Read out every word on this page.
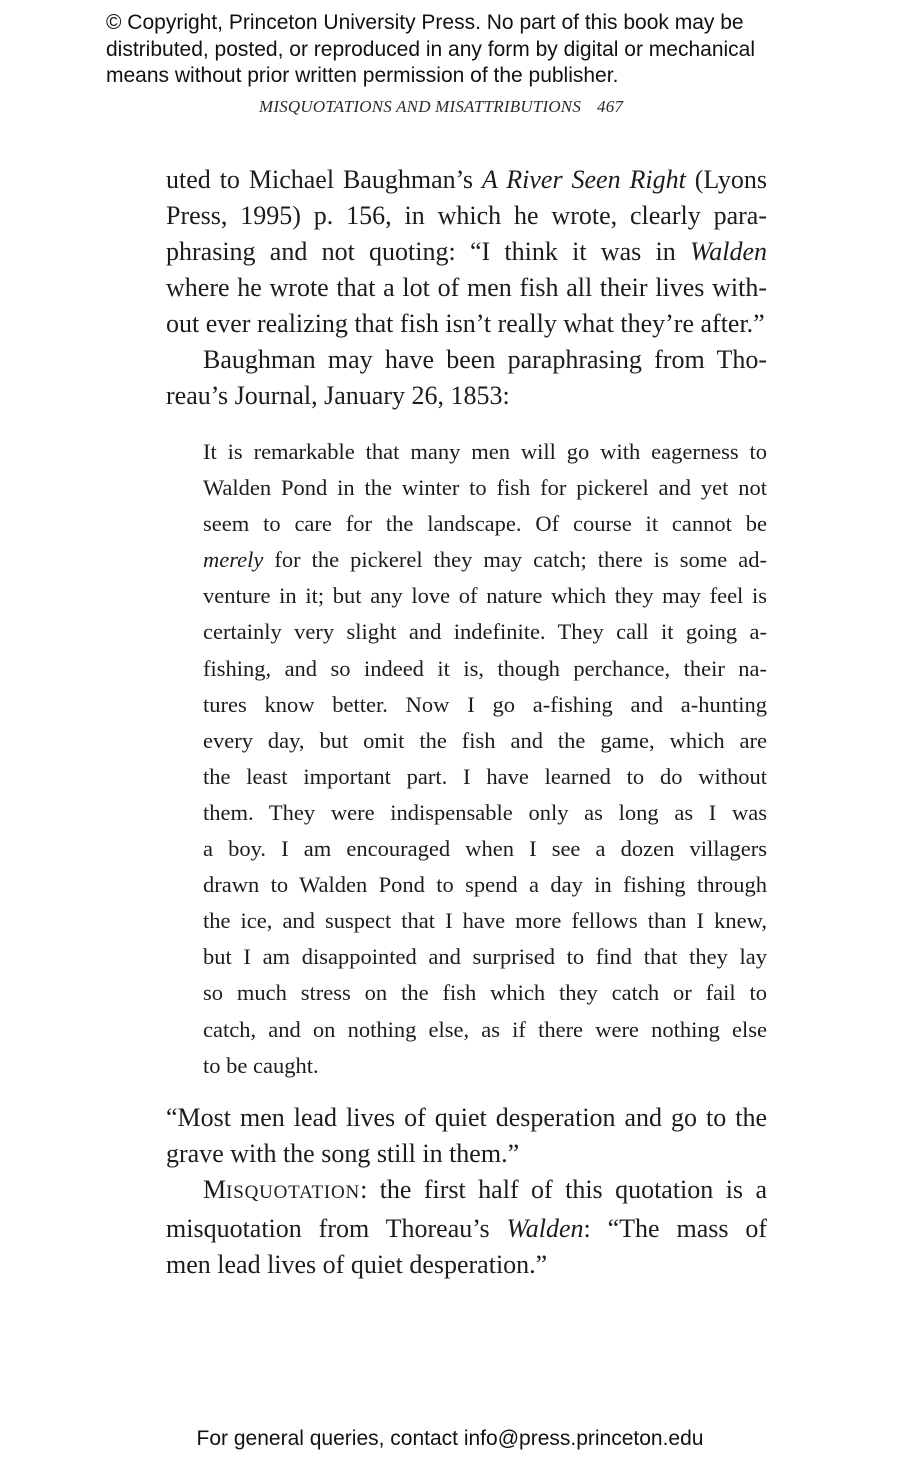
© Copyright, Princeton University Press. No part of this book may be
distributed, posted, or reproduced in any form by digital or mechanical
means without prior written permission of the publisher.
MISQUOTATIONS AND MISATTRIBUTIONS 467
uted to Michael Baughman’s A River Seen Right (Lyons
Press, 1995) p. 156, in which he wrote, clearly para-
phrasing and not quoting: “I think it was in Walden
where he wrote that a lot of men fish all their lives with-
out ever realizing that fish isn’t really what they’re after.”
Baughman may have been paraphrasing from Tho-
reau’s Journal, January 26, 1853:
It is remarkable that many men will go with eagerness to
Walden Pond in the winter to fish for pickerel and yet not
seem to care for the landscape. Of course it cannot be
merely for the pickerel they may catch; there is some ad-
venture in it; but any love of nature which they may feel is
certainly very slight and indefinite. They call it going a-
fishing, and so indeed it is, though perchance, their na-
tures know better. Now I go a-fishing and a-hunting
every day, but omit the fish and the game, which are
the least important part. I have learned to do without
them. They were indispensable only as long as I was
a boy. I am encouraged when I see a dozen villagers
drawn to Walden Pond to spend a day in fishing through
the ice, and suspect that I have more fellows than I knew,
but I am disappointed and surprised to find that they lay
so much stress on the fish which they catch or fail to
catch, and on nothing else, as if there were nothing else
to be caught.
“Most men lead lives of quiet desperation and go to the
grave with the song still in them.”
MISQUOTATION: the first half of this quotation is a
misquotation from Thoreau’s Walden: “The mass of
men lead lives of quiet desperation.”
For general queries, contact info@press.princeton.edu
